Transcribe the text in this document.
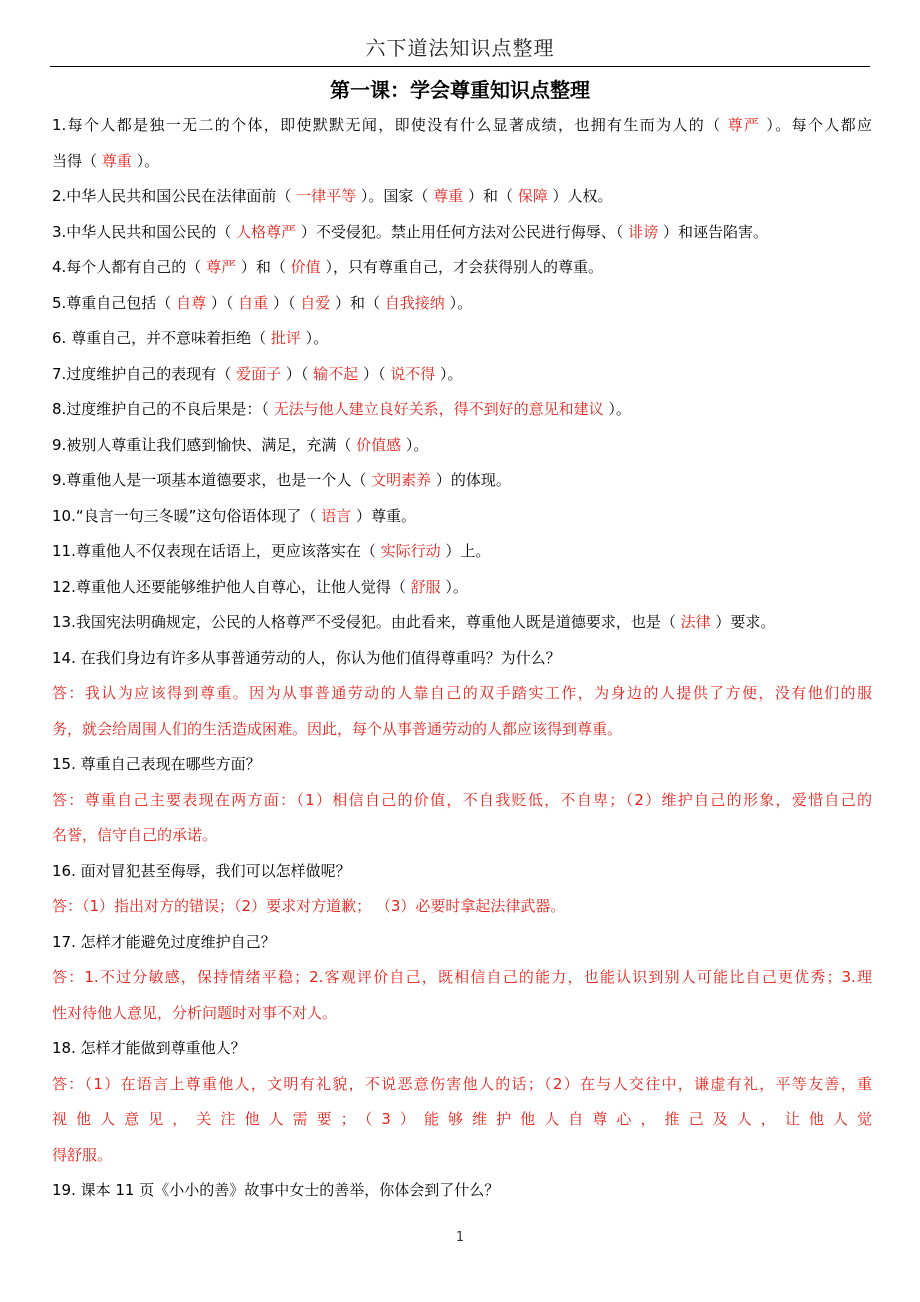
六下道法知识点整理
第一课：学会尊重知识点整理
1.每个人都是独一无二的个体，即使默默无闻，即使没有什么显著成绩，也拥有生而为人的（ 尊严 ）。每个人都应
当得（ 尊重 ）。
2.中华人民共和国公民在法律面前（ 一律平等 ）。国家（ 尊重 ）和（ 保障 ）人权。
3.中华人民共和国公民的（ 人格尊严 ）不受侵犯。禁止用任何方法对公民进行侮辱、（ 诽谤 ）和诬告陷害。
4.每个人都有自己的（ 尊严 ）和（ 价值 ），只有尊重自己，才会获得别人的尊重。
5.尊重自己包括（ 自尊 ）（ 自重 ）（ 自爱 ）和（ 自我接纳 ）。
6. 尊重自己，并不意味着拒绝（ 批评 ）。
7.过度维护自己的表现有（ 爱面子 ）（ 输不起 ）（ 说不得 ）。
8.过度维护自己的不良后果是：（ 无法与他人建立良好关系，得不到好的意见和建议 ）。
9.被别人尊重让我们感到愉快、满足，充满（ 价值感 ）。
9.尊重他人是一项基本道德要求，也是一个人（ 文明素养 ）的体现。
10.“良言一句三冬暖”这句俗语体现了（ 语言 ）尊重。
11.尊重他人不仅表现在话语上，更应该落实在（ 实际行动 ）上。
12.尊重他人还要能够维护他人自尊心，让他人觉得（ 舒服 ）。
13.我国宪法明确规定，公民的人格尊严不受侵犯。由此看来，尊重他人既是道德要求，也是（ 法律 ）要求。
14. 在我们身边有许多从事普通劳动的人，你认为他们值得尊重吗？为什么？
答：我认为应该得到尊重。因为从事普通劳动的人靠自己的双手踏实工作，为身边的人提供了方便，没有他们的服
务，就会给周围人们的生活造成困难。因此，每个从事普通劳动的人都应该得到尊重。
15. 尊重自己表现在哪些方面？
答：尊重自己主要表现在两方面：（1）相信自己的价值，不自我贬低，不自卑；（2）维护自己的形象，爱惜自己的
名誉，信守自己的承诺。
16. 面对冒犯甚至侮辱，我们可以怎样做呢？
答：（1）指出对方的错误；（2）要求对方道歉； （3）必要时拿起法律武器。
17. 怎样才能避免过度维护自己？
答：1.不过分敏感，保持情绪平稳；2.客观评价自己，既相信自己的能力，也能认识到别人可能比自己更优秀；3.理
性对待他人意见，分析问题时对事不对人。
18. 怎样才能做到尊重他人？
答：（1）在语言上尊重他人，文明有礼貌，不说恶意伤害他人的话；（2）在与人交往中，谦虚有礼，平等友善，重
视他人意见，关注他人需要；（3）能够维护他人自尊心，推己及人，让他人觉
得舒服。
19. 课本 11 页《小小的善》故事中女士的善举，你体会到了什么？
1
